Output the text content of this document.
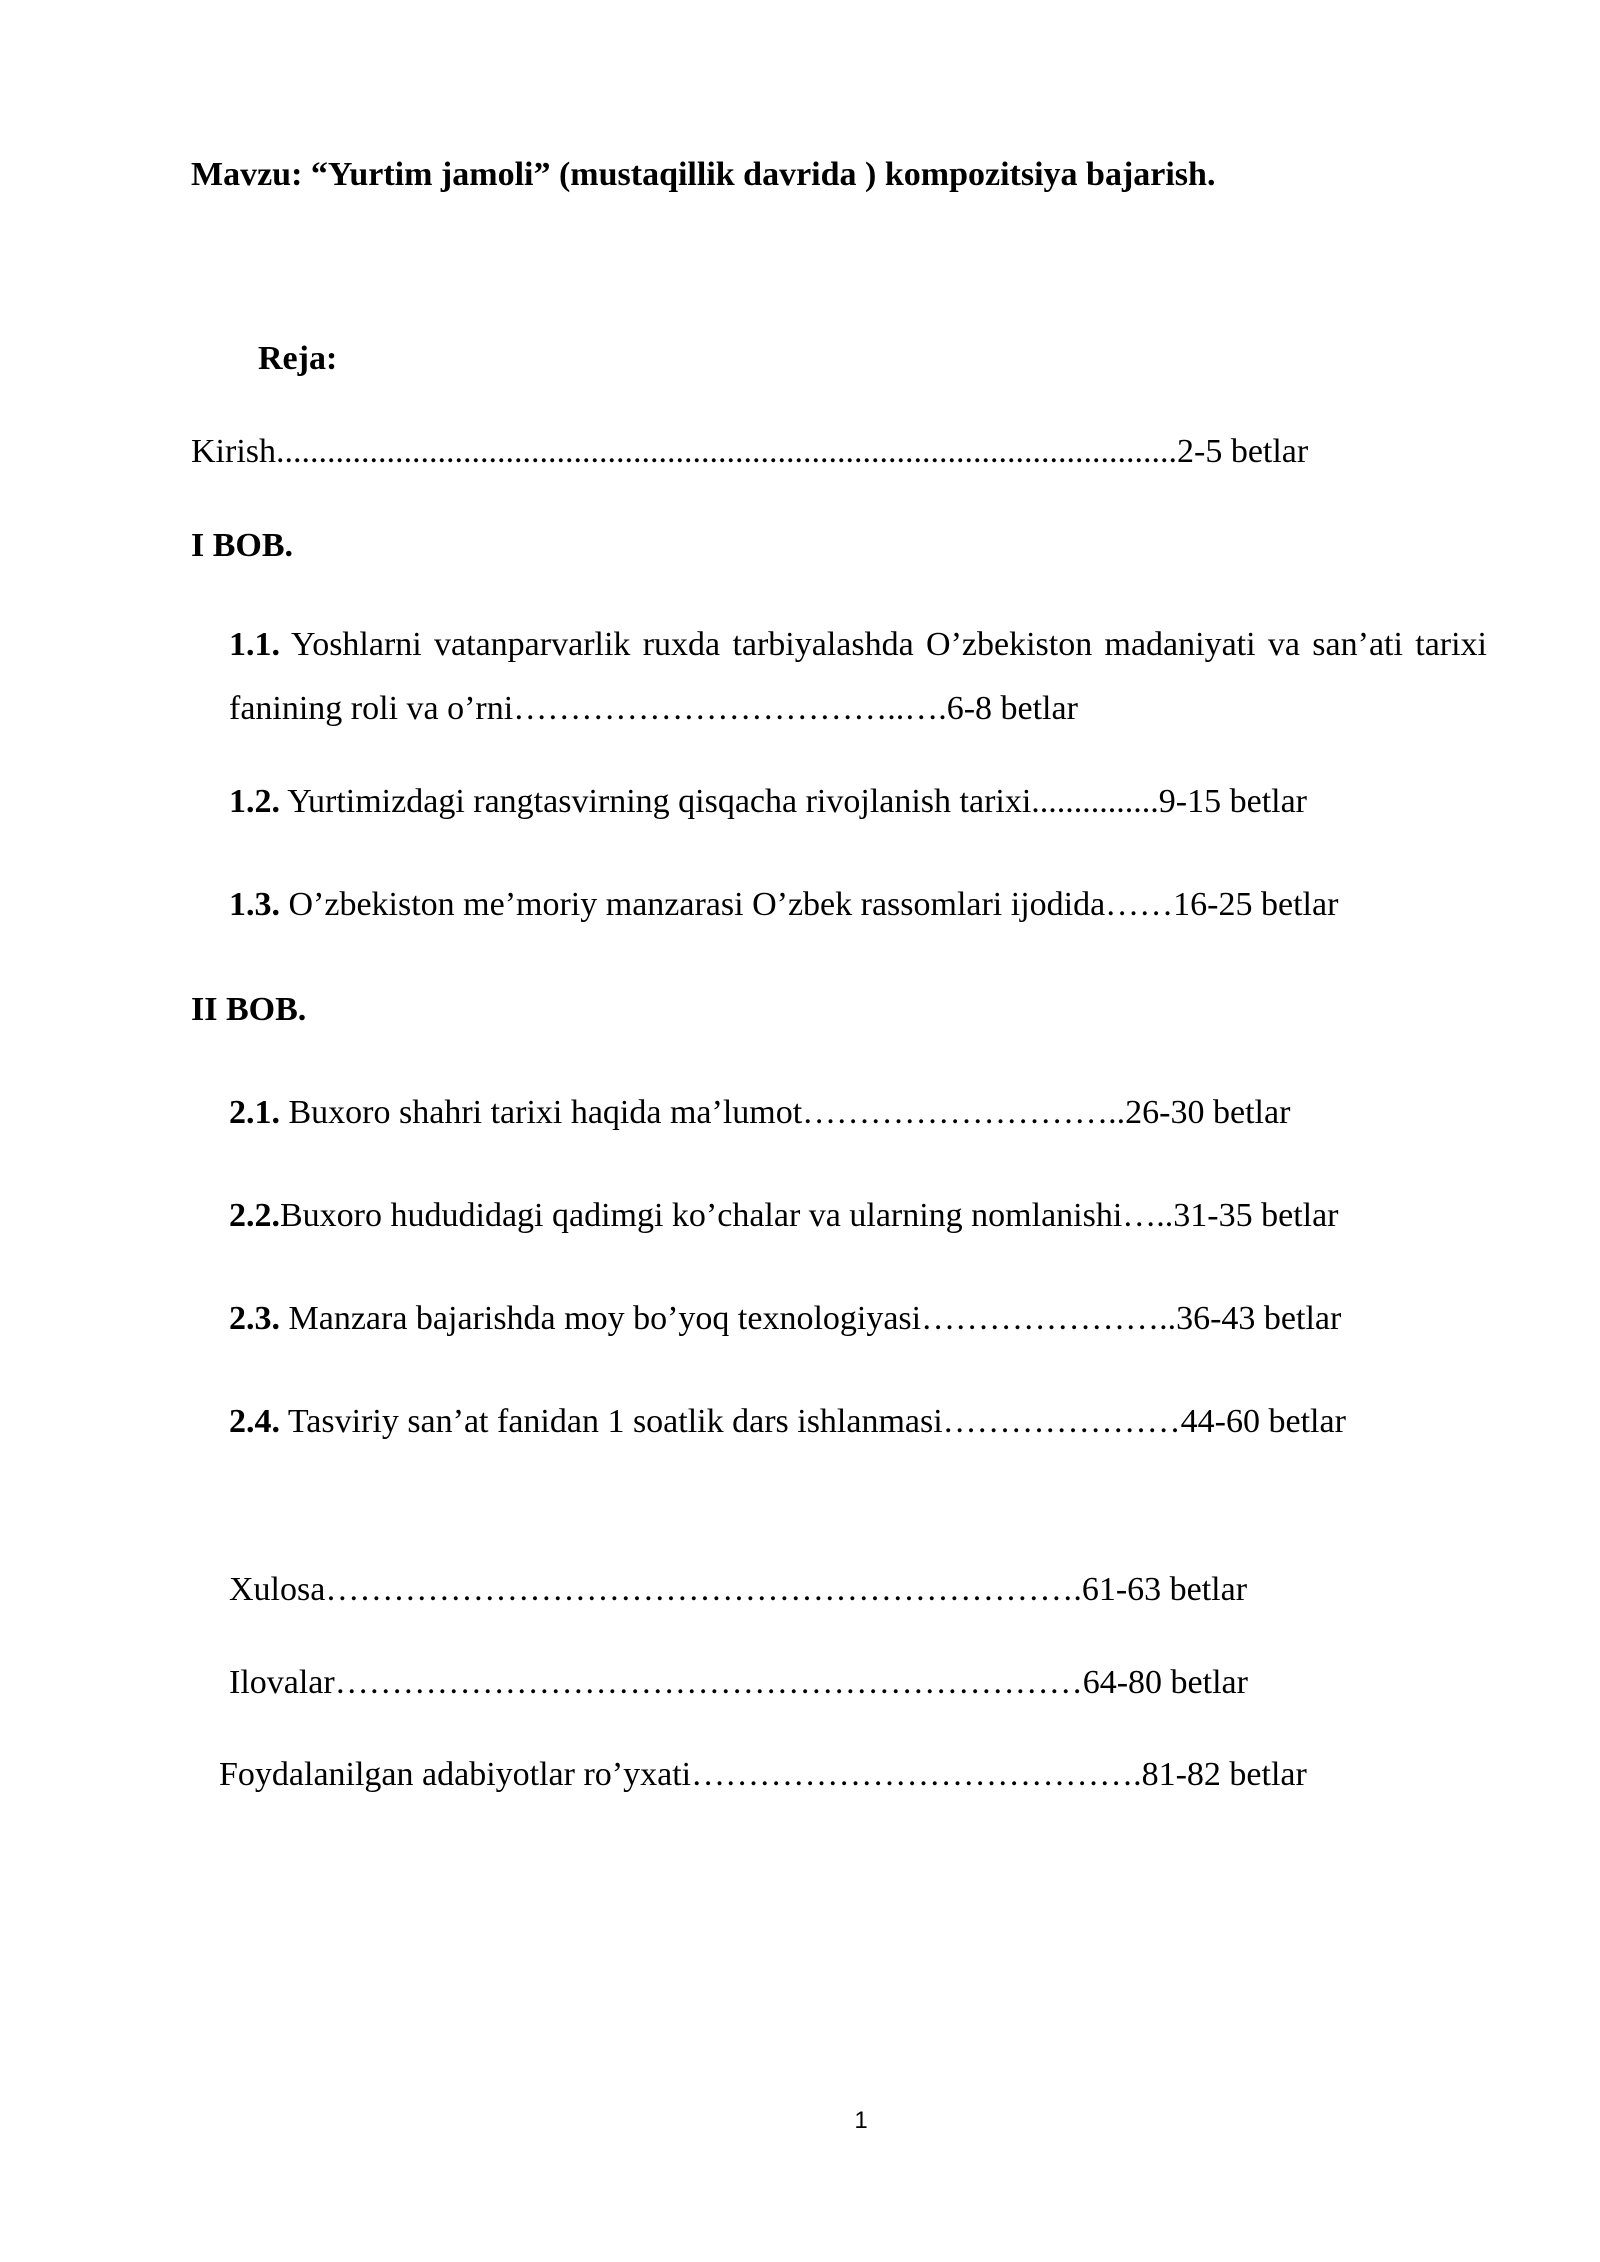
Mavzu: “Yurtim jamoli” (mustaqillik davrida ) kompozitsiya bajarish.
Reja:
Kirish..........................................................................................................2-5 betlar
I BOB.
1.1. Yoshlarni vatanparvarlik ruxda tarbiyalashda O’zbekiston madaniyati va san’ati tarixi fanining roli va o’rni……………………………..….6-8 betlar
1.2. Yurtimizdagi rangtasvirning qisqacha rivojlanish tarixi...............9-15 betlar
1.3. O’zbekiston me’moriy manzarasi O’zbek rassomlari ijodida……16-25 betlar
II BOB.
2.1. Buxoro shahri tarixi haqida ma’lumot………………………..26-30 betlar
2.2.Buxoro hududidagi qadimgi ko’chalar va ularning nomlanishi…..31-35 betlar
2.3. Manzara bajarishda moy bo’yoq texnologiyasi…………………..36-43 betlar
2.4. Tasviriy san’at fanidan 1 soatlik dars ishlanmasi…………………44-60 betlar
Xulosa………………………………………………………….61-63 betlar
Ilovalar…………………………………………………………64-80 betlar
Foydalanilgan adabiyotlar ro’yxati………………………………….81-82 betlar
1
